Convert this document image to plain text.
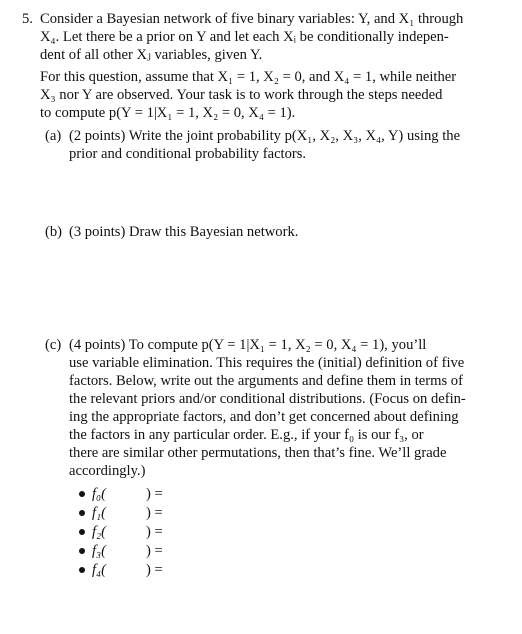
5. Consider a Bayesian network of five binary variables: Y, and X₁ through
X₄. Let there be a prior on Y and let each Xᵢ be conditionally indepen-
dent of all other Xⱼ variables, given Y.
For this question, assume that X₁ = 1, X₂ = 0, and X₄ = 1, while neither
X₃ nor Y are observed. Your task is to work through the steps needed
to compute p(Y = 1|X₁ = 1, X₂ = 0, X₄ = 1).
(a) (2 points) Write the joint probability p(X₁, X₂, X₃, X₄, Y) using the
prior and conditional probability factors.
(b) (3 points) Draw this Bayesian network.
(c) (4 points) To compute p(Y = 1|X₁ = 1, X₂ = 0, X₄ = 1), you’ll
use variable elimination. This requires the (initial) definition of five
factors. Below, write out the arguments and define them in terms of
the relevant priors and/or conditional distributions. (Focus on defin-
ing the appropriate factors, and don’t get concerned about defining
the factors in any particular order. E.g., if your f₀ is our f₃, or
there are similar other permutations, then that’s fine. We’ll grade
accordingly.)
f₀(	) =
f₁(	) =
f₂(	) =
f₃(	) =
f₄(	) =
